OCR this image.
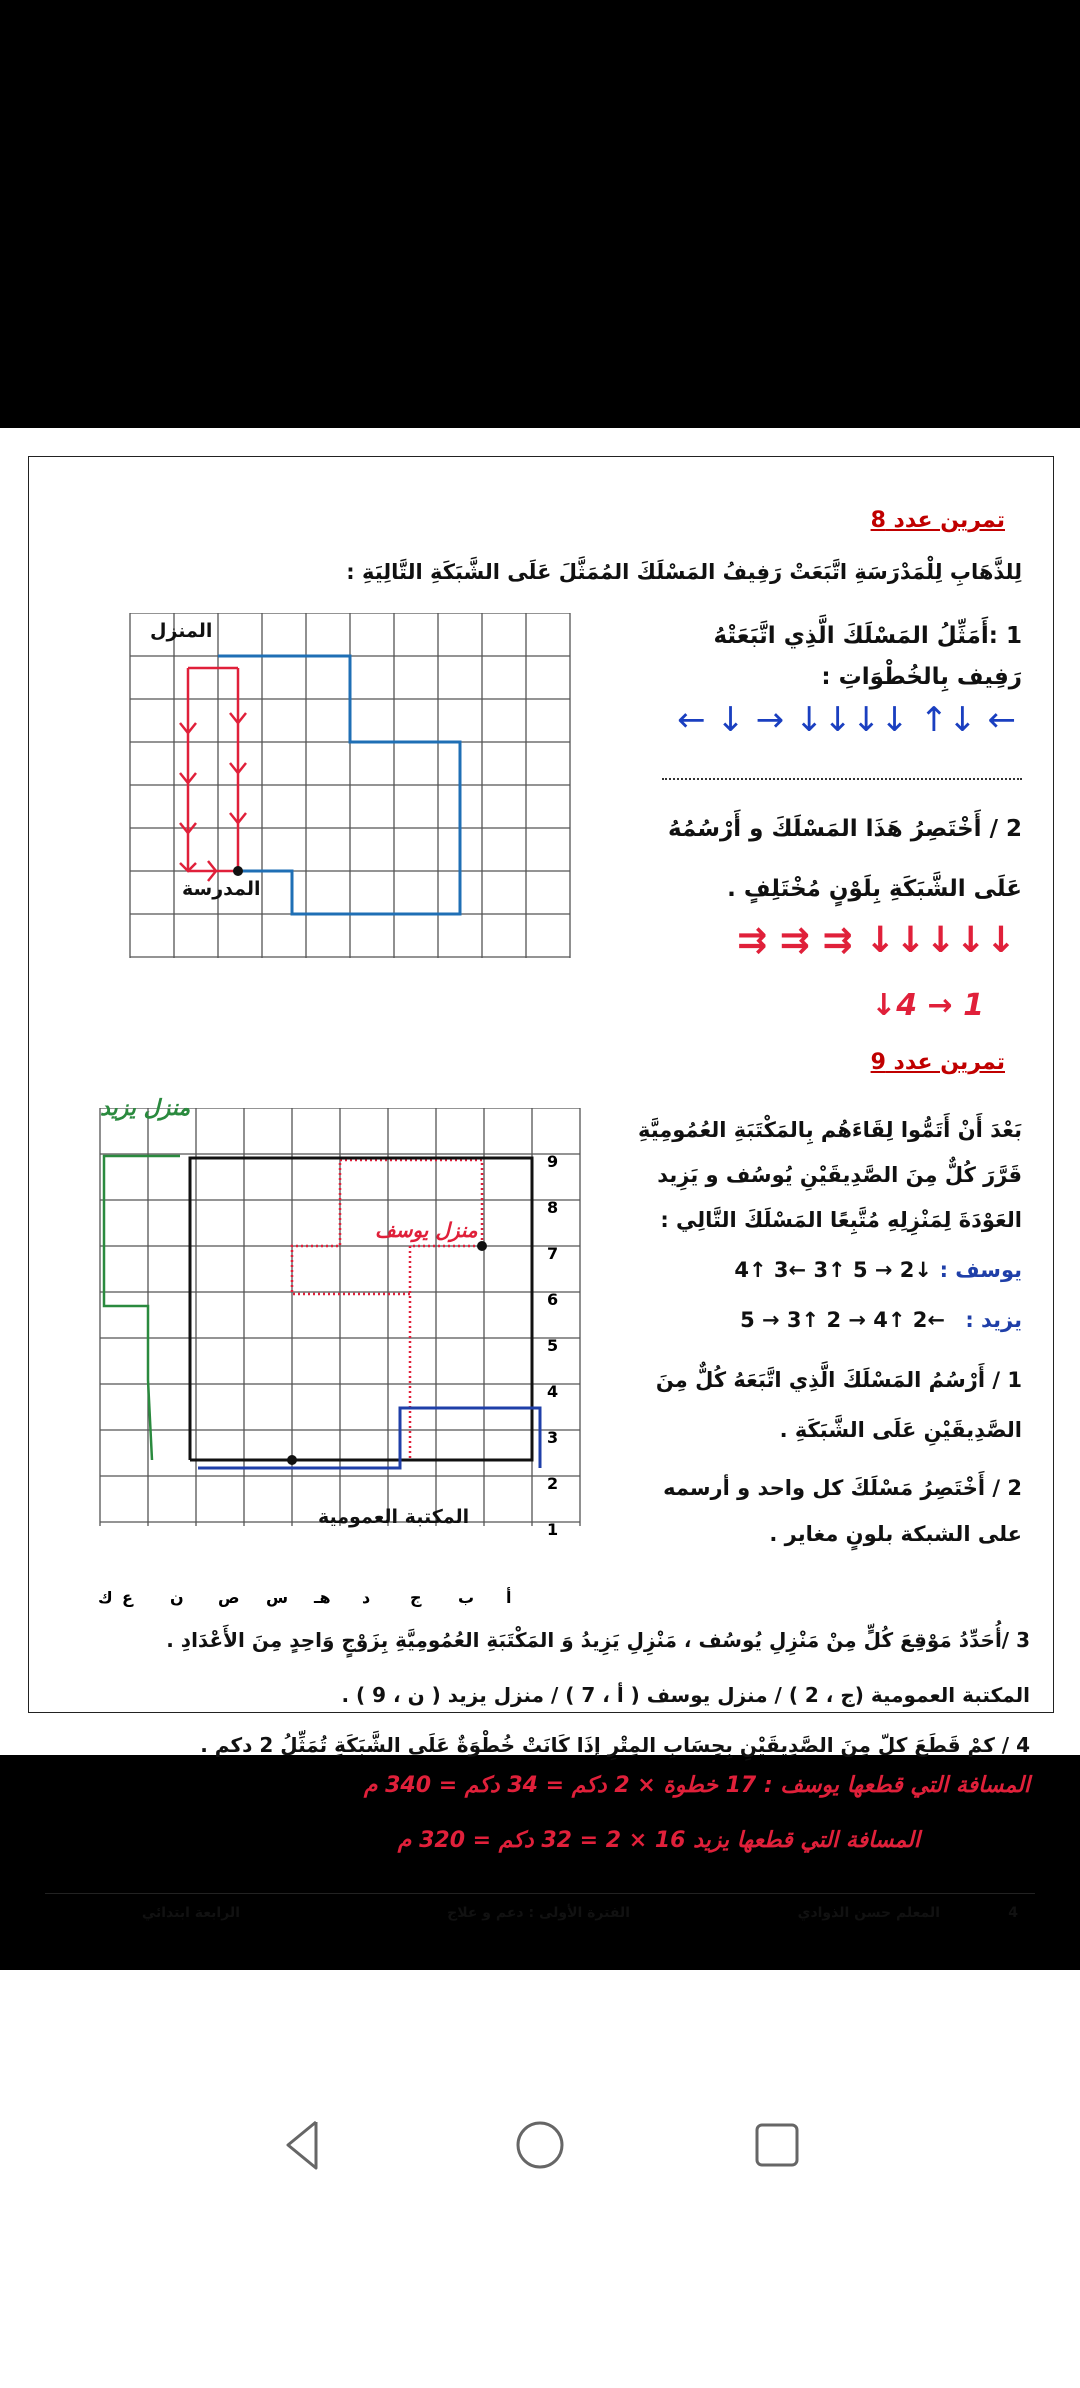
تمرين عدد 8
لِلذَّهَابِ لِلْمَدْرَسَةِ اتَّبَعَتْ رَفِيفُ المَسْلَكَ المُمَثَّلَ عَلَى الشَّبَكَةِ التَّالِيَةِ :
المنزل
المدرسة
1 :أَمَثِّلُ المَسْلَكَ الَّذِي اتَّبَعَتْهُ
رَفِيف بِالخُطْوَاتِ :
← ↓↑ ↓↓↓↓ → ↓ ←
2 / أَخْتَصِرُ هَذَا المَسْلَكَ و أَرْسُمُهُ
عَلَى الشَّبَكَةِ بِلَوْنٍ مُخْتَلِفٍ .
↓↓↓↓↓ ⇉ ⇉ ⇉
↓4 → 1
تمرين عدد 9
منزل يزيد
منزل يوسف
المكتبة العمومية
9
8
7
6
5
4
3
2
1
أ
ب
ج
د
هـ
س
ص
ن
ع
ك
بَعْدَ أَنْ أَتَمُّوا لِقَاءَهُم بِالمَكْتَبَةِ العُمُومِيَّةِ
قَرَّرَ كُلٌّ مِنَ الصَّدِيقَيْنِ يُوسُف و يَزِيد
العَوْدَةَ لِمَنْزِلِهِ مُتَّبِعًا المَسْلَكَ التَّالِي :
يوسف :
4↑ 3← 3↑ 5 → 2↓
يزيد :
5 → 3↑ 2 → 4↑ 2←
1 / أَرْسُمُ المَسْلَكَ الَّذِي اتَّبَعَهُ كُلٌّ مِنَ
الصَّدِيقَيْنِ عَلَى الشَّبَكَةِ .
2 / أَخْتَصِرُ مَسْلَكَ كل واحد و أرسمه
على الشبكة بلونٍ مغاير .
3 /أُحَدِّدُ مَوْقِعَ كُلٍّ مِنْ مَنْزِلِ يُوسُف ، مَنْزِلِ يَزِيدُ وَ المَكْتَبَةِ العُمُومِيَّةِ بِزَوْجٍ وَاحِدٍ مِنَ الأَعْدَادِ .
المكتبة العمومية (ج ، 2 ) / منزل يوسف ( أ ، 7 ) / منزل يزيد ( ن ، 9 ) .
4 / كمْ قَطَعَ كلّ مِنَ الصَّدِيقَيْنِ بِحِسَابِ المِتْرِ إذَا كَانَتْ خُطْوَةٌ عَلَى الشَّبَكَةِ تُمَثِّلُ 2 دكم .
المسافة التي قطعها يوسف : 17 خطوة × 2 دكم = 34 دكم = 340 م
المسافة التي قطعها يزيد 16 × 2 = 32 دكم = 320 م
4
المعلم حسن الذوادي
الفترة الأولى : دعم و علاج
الرابعة ابتدائي
